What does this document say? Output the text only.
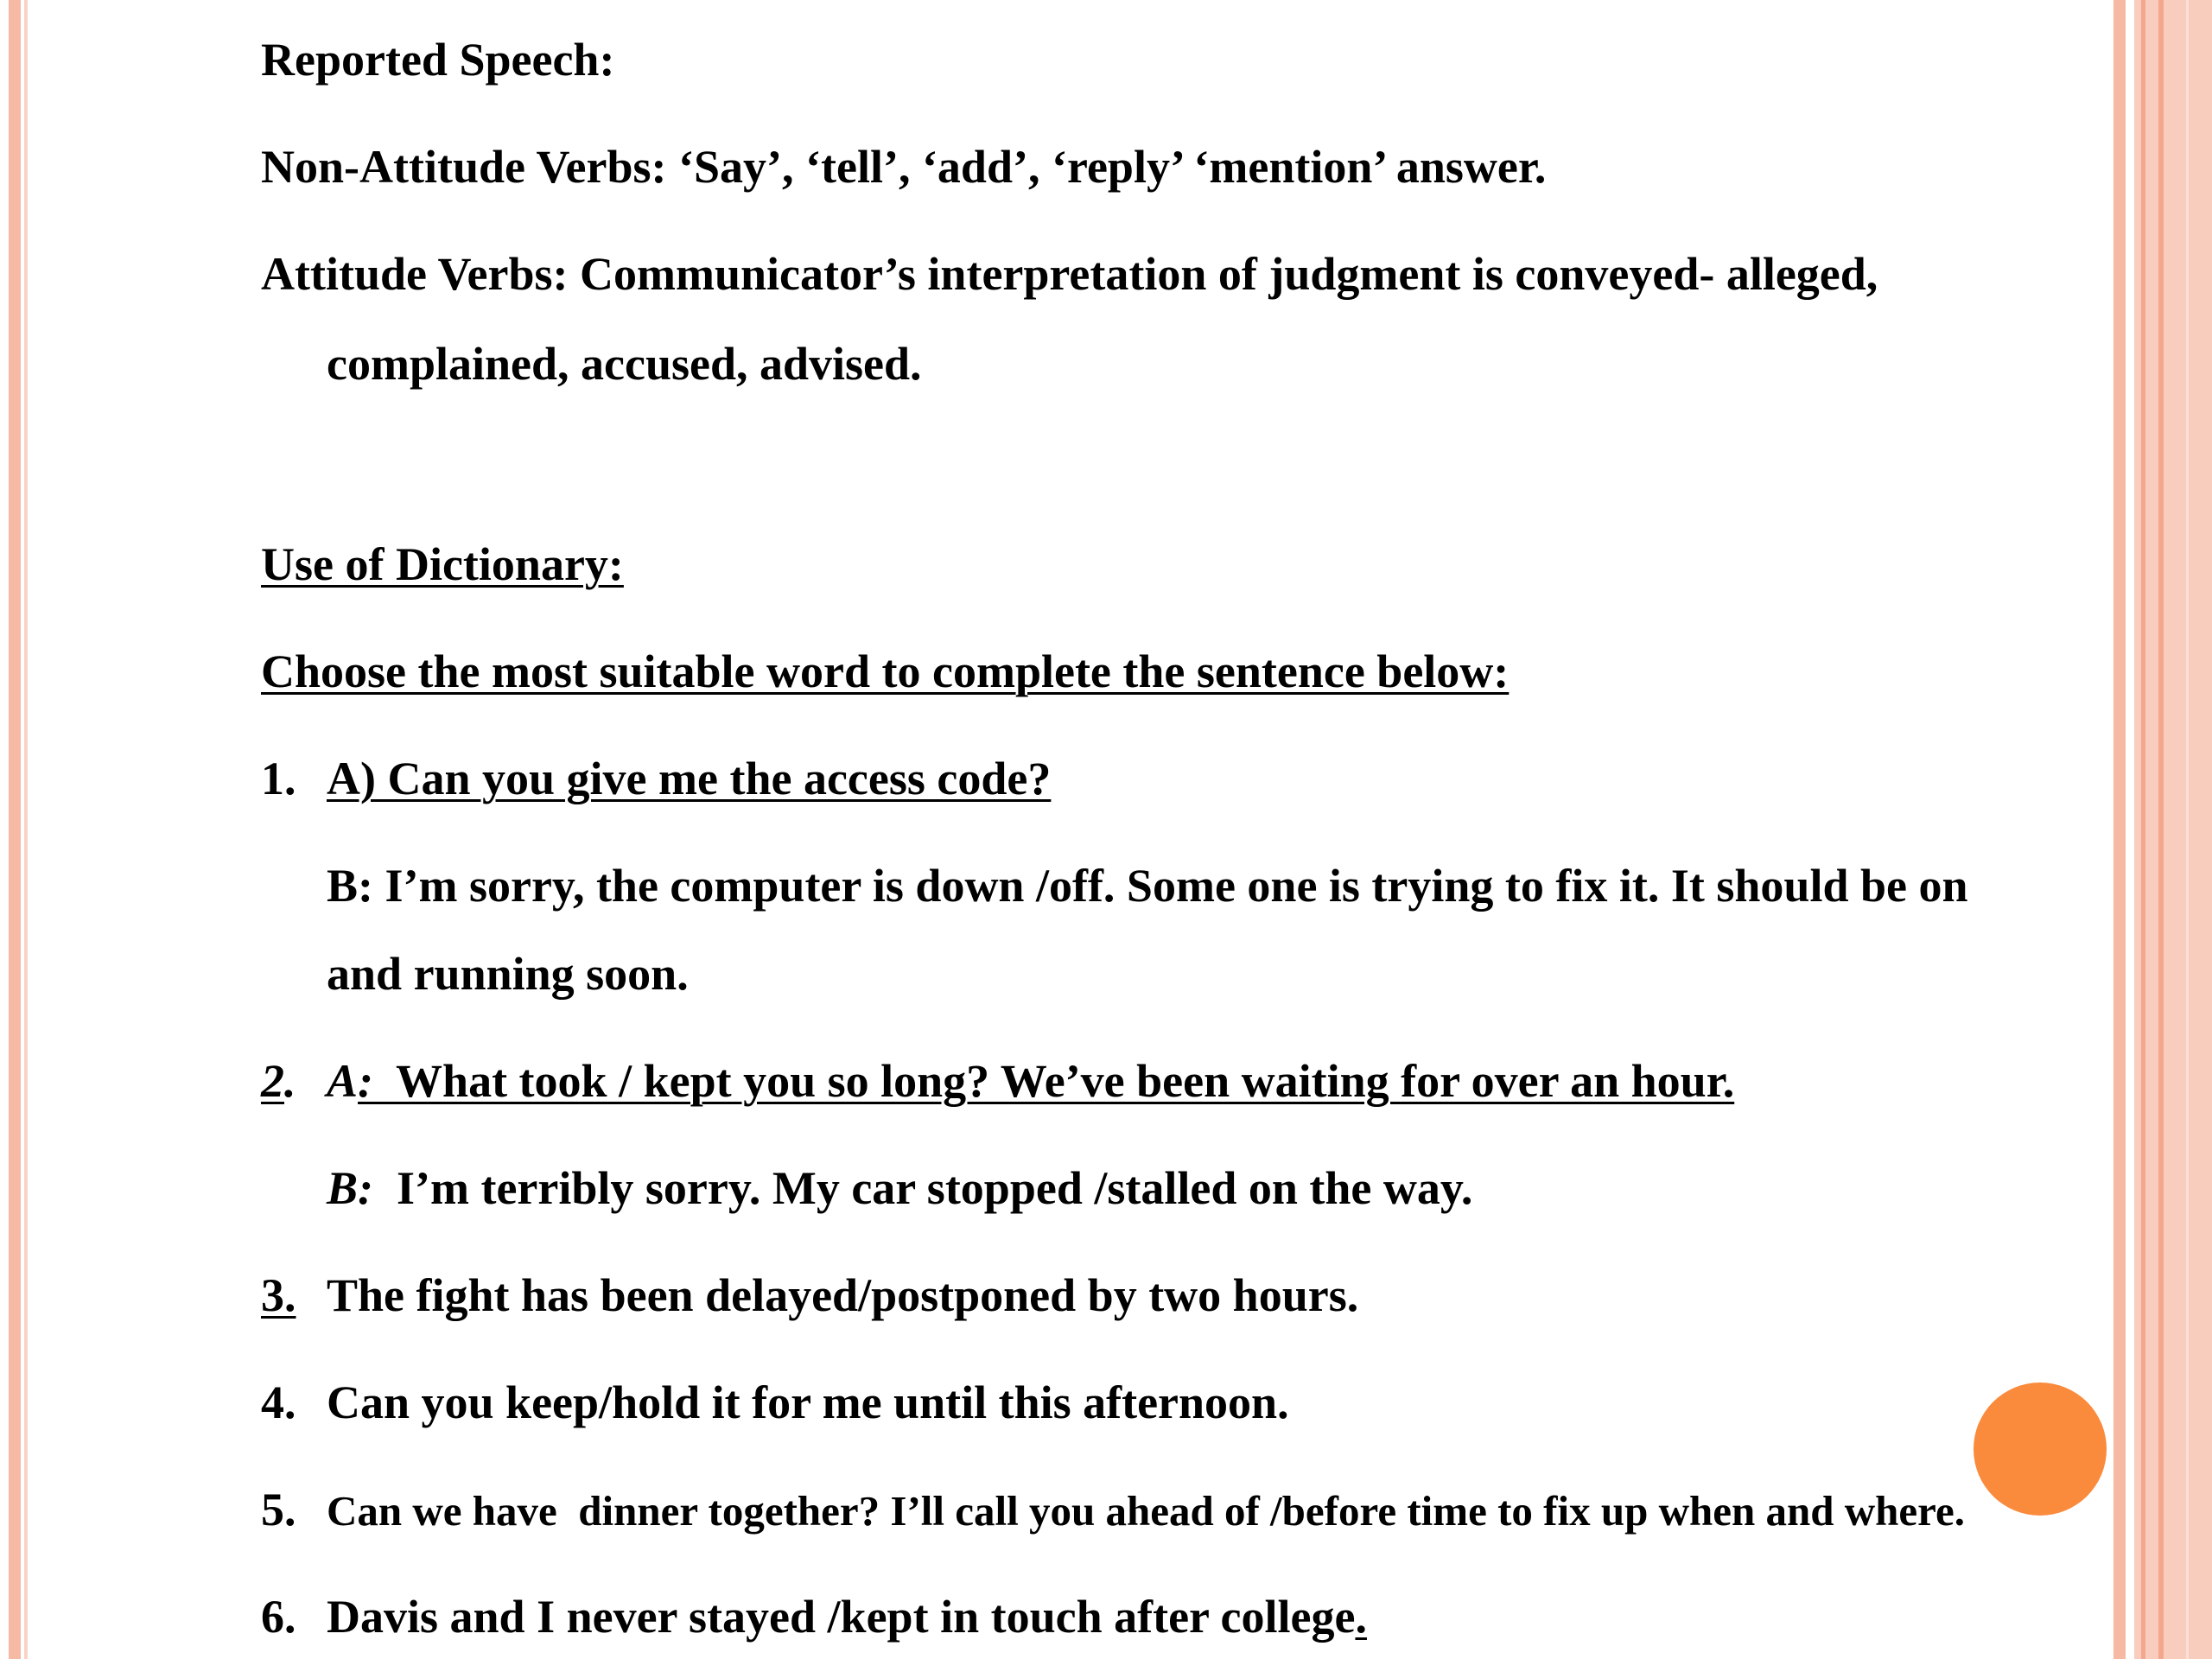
Reported Speech:
Non-Attitude Verbs: ‘Say’, ‘tell’, ‘add’, ‘reply’ ‘mention’ answer.
Attitude Verbs: Communicator’s interpretation of judgment is conveyed- alleged,
complained, accused, advised.
Use of Dictionary:
Choose the most suitable word to complete the sentence below:
1. A) Can you give me the access code?
B: I’m sorry, the computer is down /off. Some one is trying to fix it. It should be on
and running soon.
2. A:  What took / kept you so long? We’ve been waiting for over an hour.
B:  I’m terribly sorry. My car stopped /stalled on the way.
3. The fight has been delayed/postponed by two hours.
4. Can you keep/hold it for me until this afternoon.
5. Can we have  dinner together? I’ll call you ahead of /before time to fix up when and where.
6. Davis and I never stayed /kept in touch after college.
